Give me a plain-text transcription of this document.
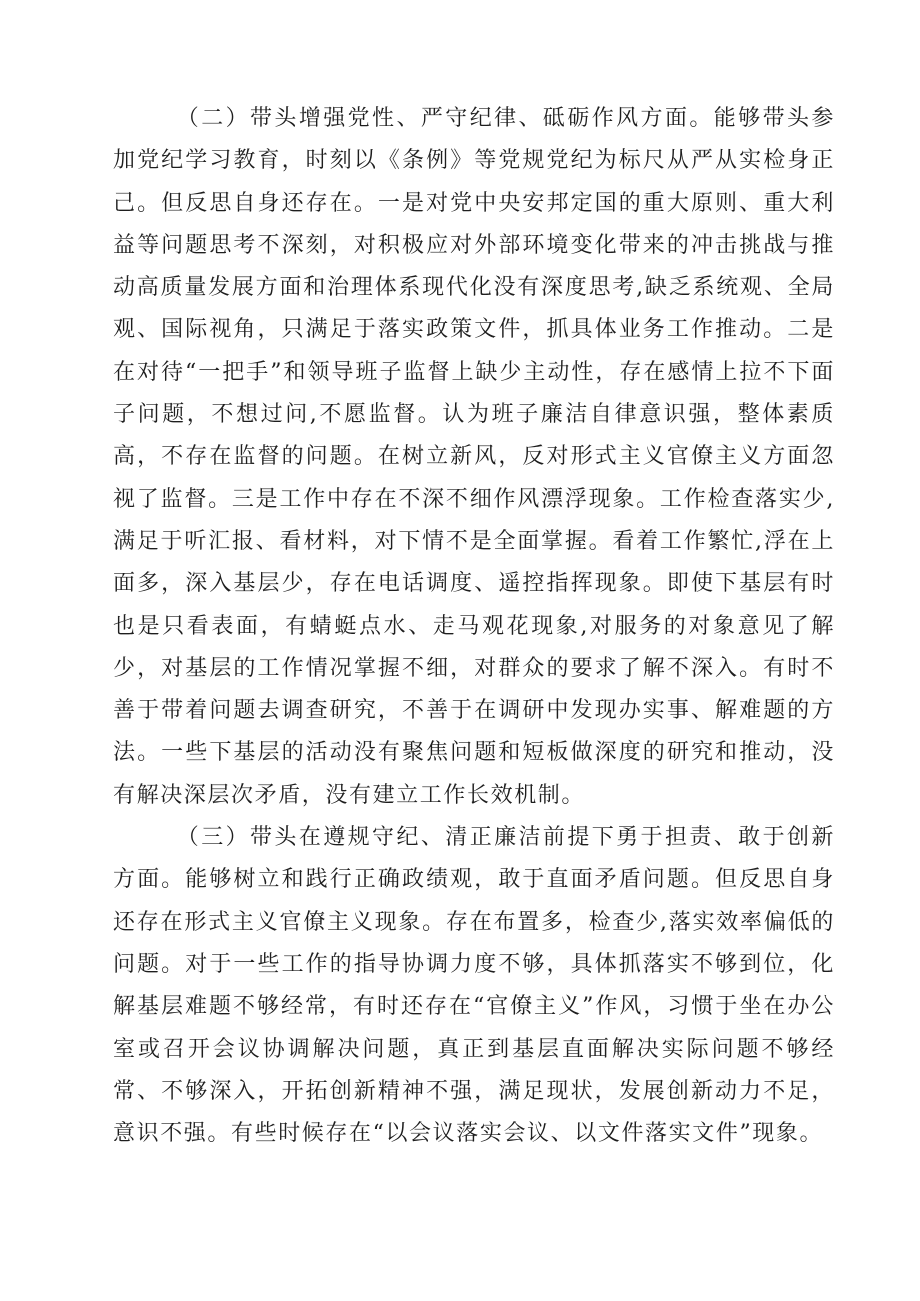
（二）带头增强党性、严守纪律、砥砺作风方面。能够带头参加党纪学习教育，时刻以《条例》等党规党纪为标尺从严从实检身正己。但反思自身还存在。一是对党中央安邦定国的重大原则、重大利益等问题思考不深刻，对积极应对外部环境变化带来的冲击挑战与推动高质量发展方面和治理体系现代化没有深度思考,缺乏系统观、全局观、国际视角，只满足于落实政策文件，抓具体业务工作推动。二是在对待“一把手”和领导班子监督上缺少主动性，存在感情上拉不下面子问题，不想过问,不愿监督。认为班子廉洁自律意识强，整体素质高，不存在监督的问题。在树立新风，反对形式主义官僚主义方面忽视了监督。三是工作中存在不深不细作风漂浮现象。工作检查落实少,满足于听汇报、看材料，对下情不是全面掌握。看着工作繁忙,浮在上面多，深入基层少，存在电话调度、遥控指挥现象。即使下基层有时也是只看表面，有蜻蜓点水、走马观花现象,对服务的对象意见了解少，对基层的工作情况掌握不细，对群众的要求了解不深入。有时不善于带着问题去调查研究，不善于在调研中发现办实事、解难题的方法。一些下基层的活动没有聚焦问题和短板做深度的研究和推动，没有解决深层次矛盾，没有建立工作长效机制。

（三）带头在遵规守纪、清正廉洁前提下勇于担责、敢于创新方面。能够树立和践行正确政绩观，敢于直面矛盾问题。但反思自身还存在形式主义官僚主义现象。存在布置多，检查少,落实效率偏低的问题。对于一些工作的指导协调力度不够，具体抓落实不够到位，化解基层难题不够经常，有时还存在“官僚主义”作风，习惯于坐在办公室或召开会议协调解决问题，真正到基层直面解决实际问题不够经常、不够深入，开拓创新精神不强，满足现状，发展创新动力不足，意识不强。有些时候存在“以会议落实会议、以文件落实文件”现象。
